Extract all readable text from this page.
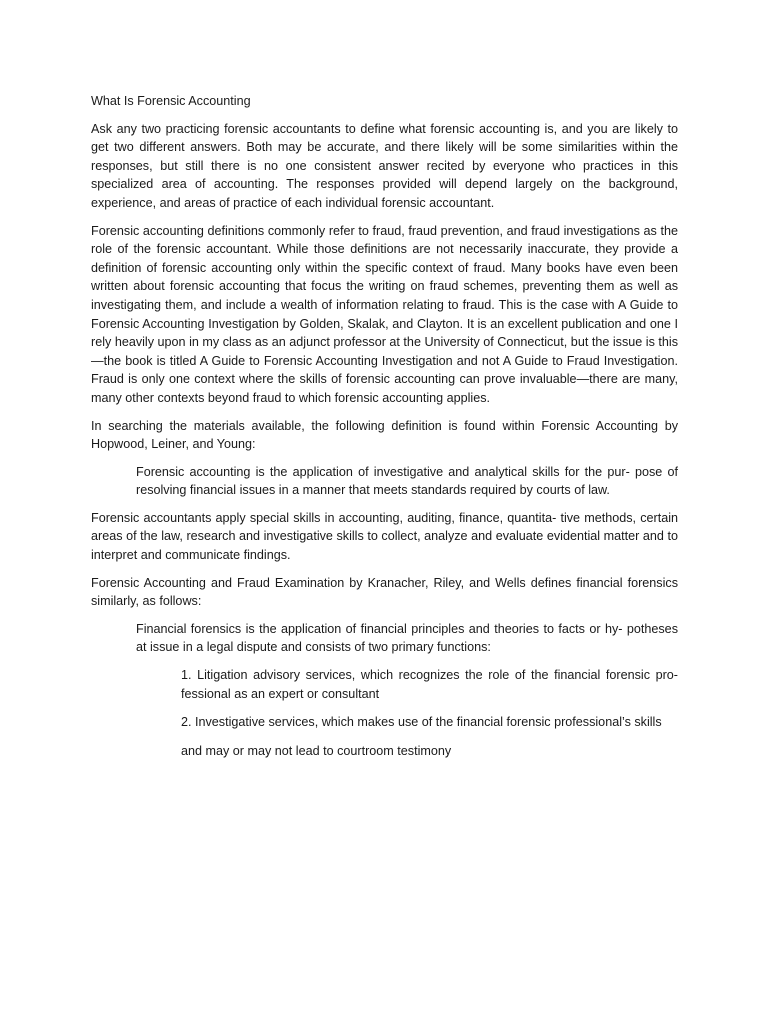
What Is Forensic Accounting

Ask any two practicing forensic accountants to define what forensic accounting is, and you are likely to get two different answers. Both may be accurate, and there likely will be some similarities within the responses, but still there is no one consistent answer recited by everyone who practices in this specialized area of accounting. The responses provided will depend largely on the background, experience, and areas of practice of each individual forensic accountant.

Forensic accounting definitions commonly refer to fraud, fraud prevention, and fraud investigations as the role of the forensic accountant. While those definitions are not necessarily inaccurate, they provide a definition of forensic accounting only within the specific context of fraud. Many books have even been written about forensic accounting that focus the writing on fraud schemes, preventing them as well as investigating them, and include a wealth of information relating to fraud. This is the case with A Guide to Forensic Accounting Investigation by Golden, Skalak, and Clayton. It is an excellent publication and one I rely heavily upon in my class as an adjunct professor at the University of Connecticut, but the issue is this—the book is titled A Guide to Forensic Accounting Investigation and not A Guide to Fraud Investigation. Fraud is only one context where the skills of forensic accounting can prove invaluable—there are many, many other contexts beyond fraud to which forensic accounting applies.

In searching the materials available, the following definition is found within Forensic Accounting by Hopwood, Leiner, and Young:

Forensic accounting is the application of investigative and analytical skills for the pur- pose of resolving financial issues in a manner that meets standards required by courts of law.

Forensic accountants apply special skills in accounting, auditing, finance, quantita- tive methods, certain areas of the law, research and investigative skills to collect, analyze and evaluate evidential matter and to interpret and communicate findings.

Forensic Accounting and Fraud Examination by Kranacher, Riley, and Wells defines financial forensics similarly, as follows:

Financial forensics is the application of financial principles and theories to facts or hy- potheses at issue in a legal dispute and consists of two primary functions:

1. Litigation advisory services, which recognizes the role of the financial forensic pro- fessional as an expert or consultant

2. Investigative services, which makes use of the financial forensic professional’s skills

and may or may not lead to courtroom testimony
